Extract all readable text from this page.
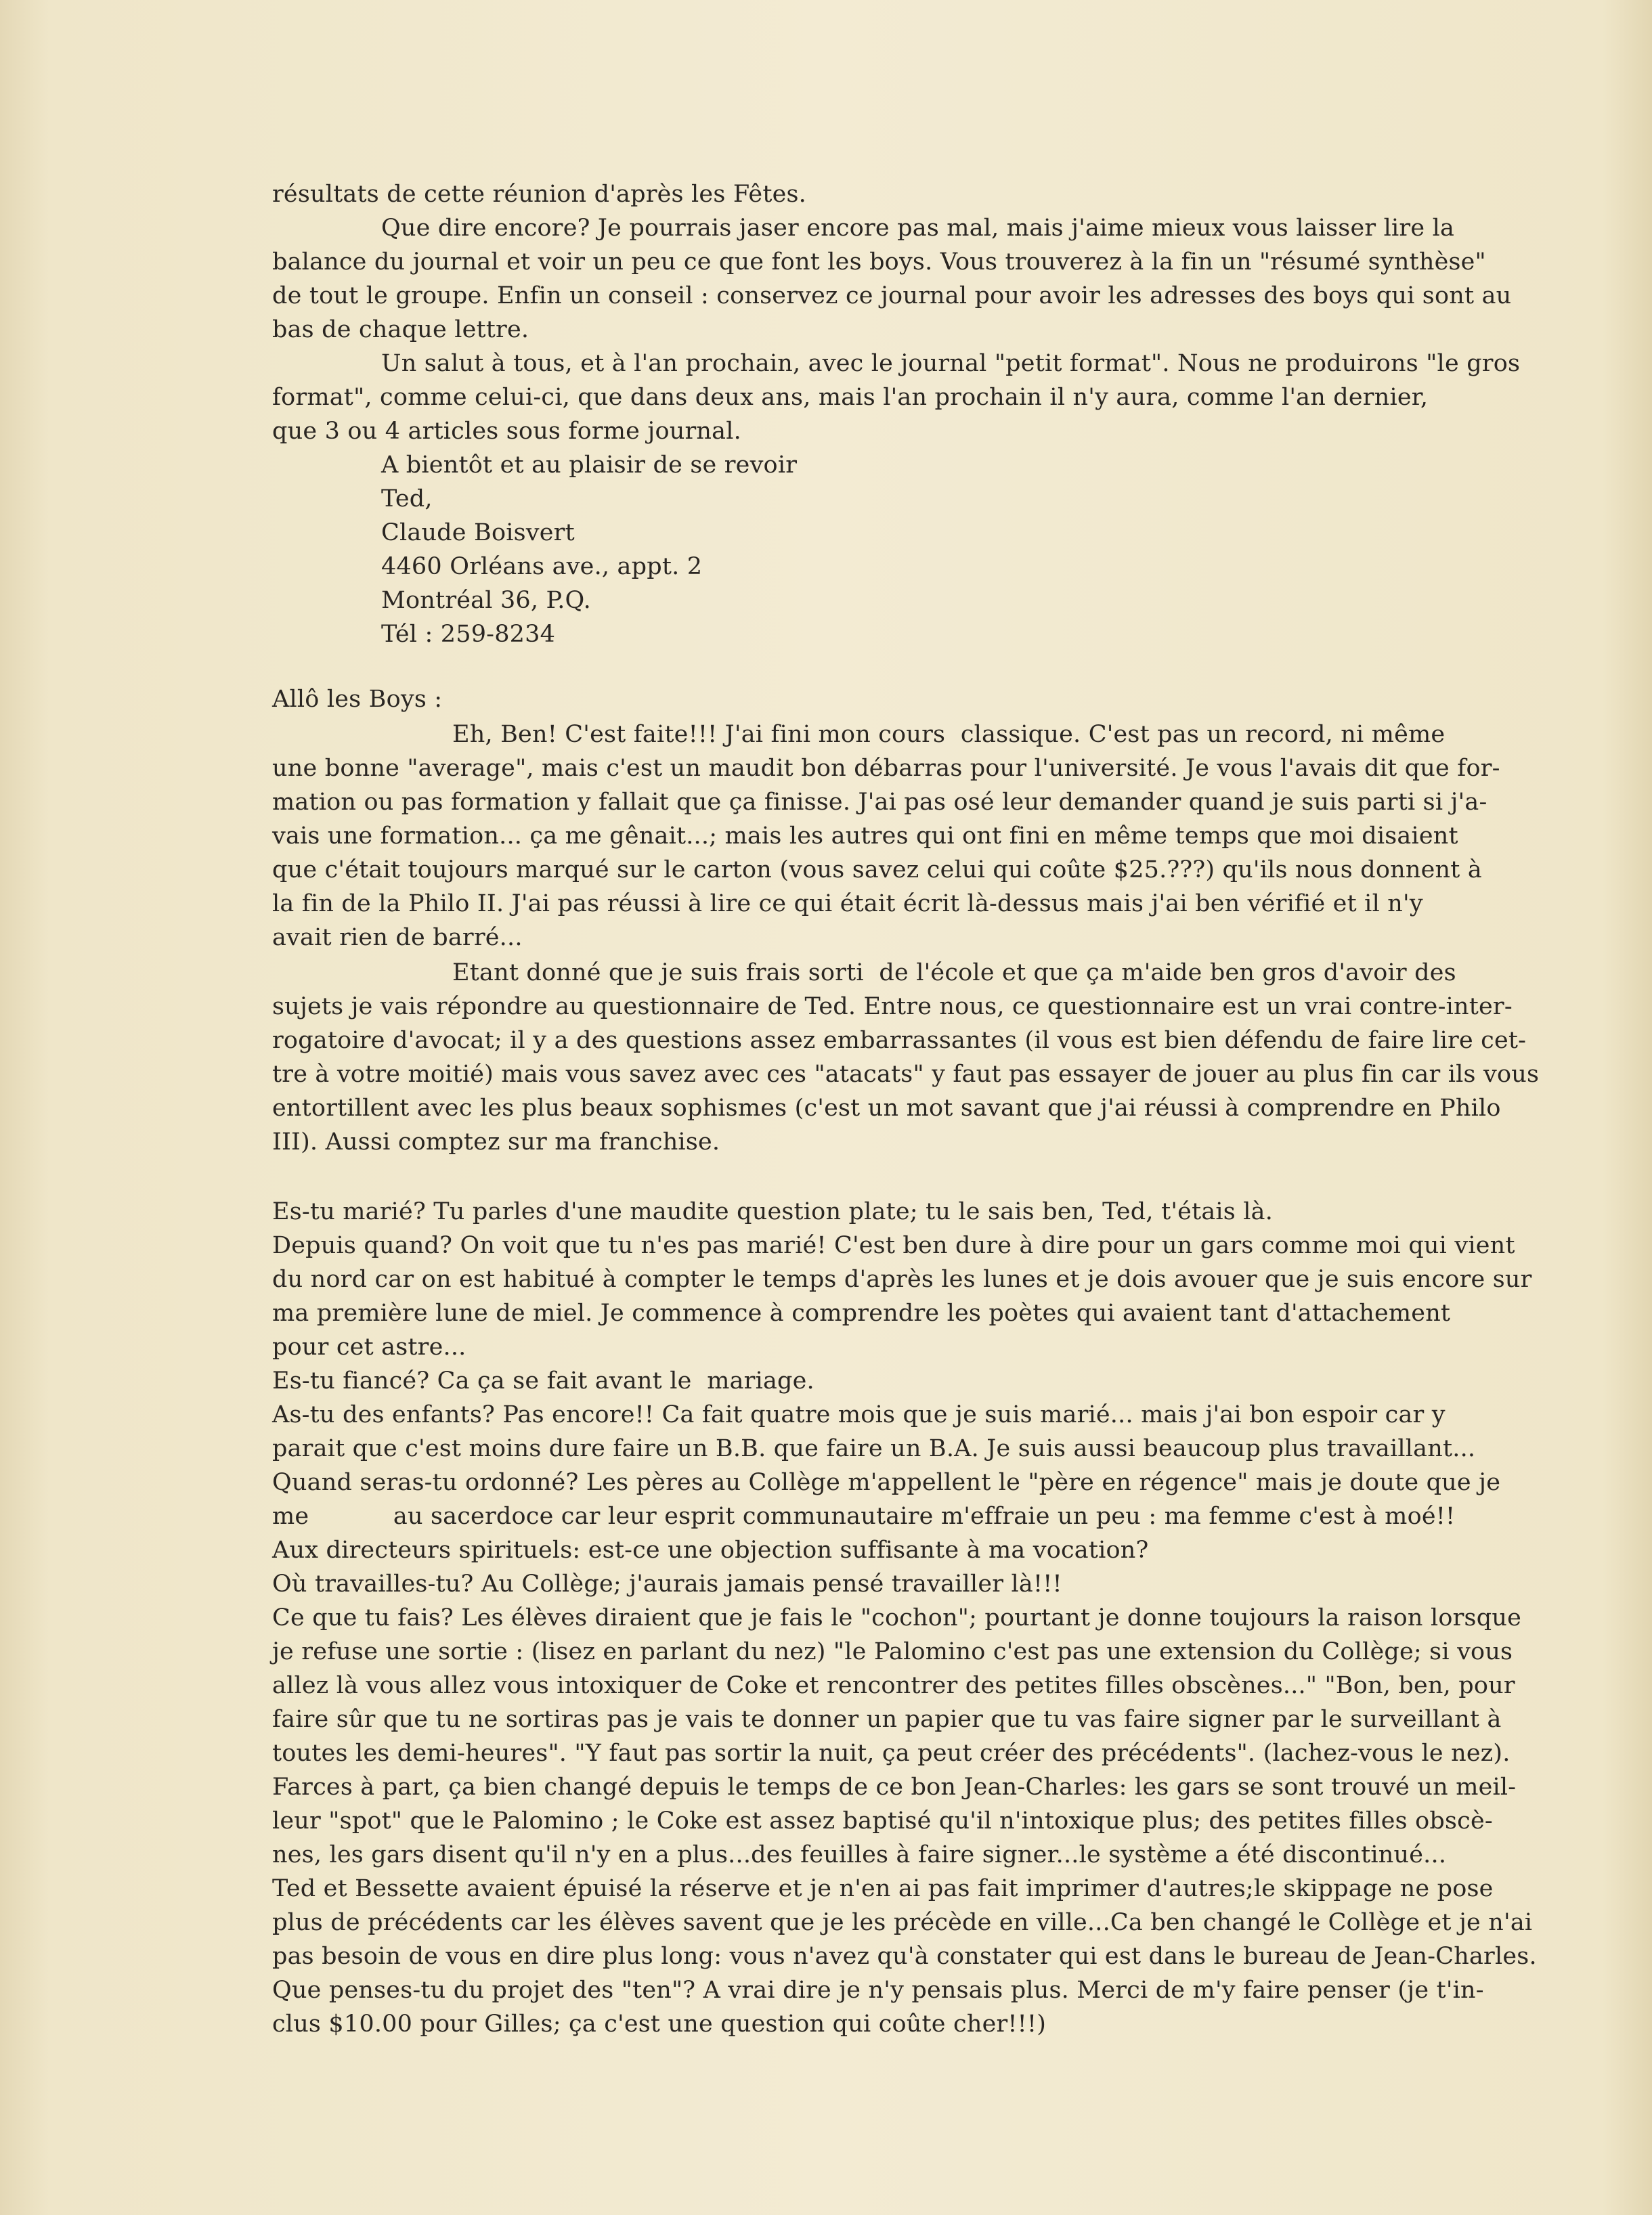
résultats de cette réunion d'après les Fêtes.
Que dire encore? Je pourrais jaser encore pas mal, mais j'aime mieux vous laisser lire la
balance du journal et voir un peu ce que font les boys. Vous trouverez à la fin un "résumé synthèse"
de tout le groupe. Enfin un conseil : conservez ce journal pour avoir les adresses des boys qui sont au
bas de chaque lettre.
Un salut à tous, et à l'an prochain, avec le journal "petit format". Nous ne produirons "le gros
format", comme celui-ci, que dans deux ans, mais l'an prochain il n'y aura, comme l'an dernier,
que 3 ou 4 articles sous forme journal.
A bientôt et au plaisir de se revoir
Ted,
Claude Boisvert
4460 Orléans ave., appt. 2
Montréal 36, P.Q.
Tél : 259-8234
Allô les Boys :
Eh, Ben! C'est faite!!! J'ai fini mon cours  classique. C'est pas un record, ni même
une bonne "average", mais c'est un maudit bon débarras pour l'université. Je vous l'avais dit que for-
mation ou pas formation y fallait que ça finisse. J'ai pas osé leur demander quand je suis parti si j'a-
vais une formation... ça me gênait...; mais les autres qui ont fini en même temps que moi disaient
que c'était toujours marqué sur le carton (vous savez celui qui coûte $25.???) qu'ils nous donnent à
la fin de la Philo II. J'ai pas réussi à lire ce qui était écrit là-dessus mais j'ai ben vérifié et il n'y
avait rien de barré...
Etant donné que je suis frais sorti  de l'école et que ça m'aide ben gros d'avoir des
sujets je vais répondre au questionnaire de Ted. Entre nous, ce questionnaire est un vrai contre-inter-
rogatoire d'avocat; il y a des questions assez embarrassantes (il vous est bien défendu de faire lire cet-
tre à votre moitié) mais vous savez avec ces "atacats" y faut pas essayer de jouer au plus fin car ils vous
entortillent avec les plus beaux sophismes (c'est un mot savant que j'ai réussi à comprendre en Philo
III). Aussi comptez sur ma franchise.
Es-tu marié? Tu parles d'une maudite question plate; tu le sais ben, Ted, t'étais là.
Depuis quand? On voit que tu n'es pas marié! C'est ben dure à dire pour un gars comme moi qui vient
du nord car on est habitué à compter le temps d'après les lunes et je dois avouer que je suis encore sur
ma première lune de miel. Je commence à comprendre les poètes qui avaient tant d'attachement
pour cet astre...
Es-tu fiancé? Ca ça se fait avant le  mariage.
As-tu des enfants? Pas encore!! Ca fait quatre mois que je suis marié... mais j'ai bon espoir car y
parait que c'est moins dure faire un B.B. que faire un B.A. Je suis aussi beaucoup plus travaillant...
Quand seras-tu ordonné? Les pères au Collège m'appellent le "père en régence" mais je doute que je
me           au sacerdoce car leur esprit communautaire m'effraie un peu : ma femme c'est à moé!!
Aux directeurs spirituels: est-ce une objection suffisante à ma vocation?
Où travailles-tu? Au Collège; j'aurais jamais pensé travailler là!!!
Ce que tu fais? Les élèves diraient que je fais le "cochon"; pourtant je donne toujours la raison lorsque
je refuse une sortie : (lisez en parlant du nez) "le Palomino c'est pas une extension du Collège; si vous
allez là vous allez vous intoxiquer de Coke et rencontrer des petites filles obscènes..." "Bon, ben, pour
faire sûr que tu ne sortiras pas je vais te donner un papier que tu vas faire signer par le surveillant à
toutes les demi-heures". "Y faut pas sortir la nuit, ça peut créer des précédents". (lachez-vous le nez).
Farces à part, ça bien changé depuis le temps de ce bon Jean-Charles: les gars se sont trouvé un meil-
leur "spot" que le Palomino ; le Coke est assez baptisé qu'il n'intoxique plus; des petites filles obscè-
nes, les gars disent qu'il n'y en a plus...des feuilles à faire signer...le système a été discontinué...
Ted et Bessette avaient épuisé la réserve et je n'en ai pas fait imprimer d'autres;le skippage ne pose
plus de précédents car les élèves savent que je les précède en ville...Ca ben changé le Collège et je n'ai
pas besoin de vous en dire plus long: vous n'avez qu'à constater qui est dans le bureau de Jean-Charles.
Que penses-tu du projet des "ten"? A vrai dire je n'y pensais plus. Merci de m'y faire penser (je t'in-
clus $10.00 pour Gilles; ça c'est une question qui coûte cher!!!)
